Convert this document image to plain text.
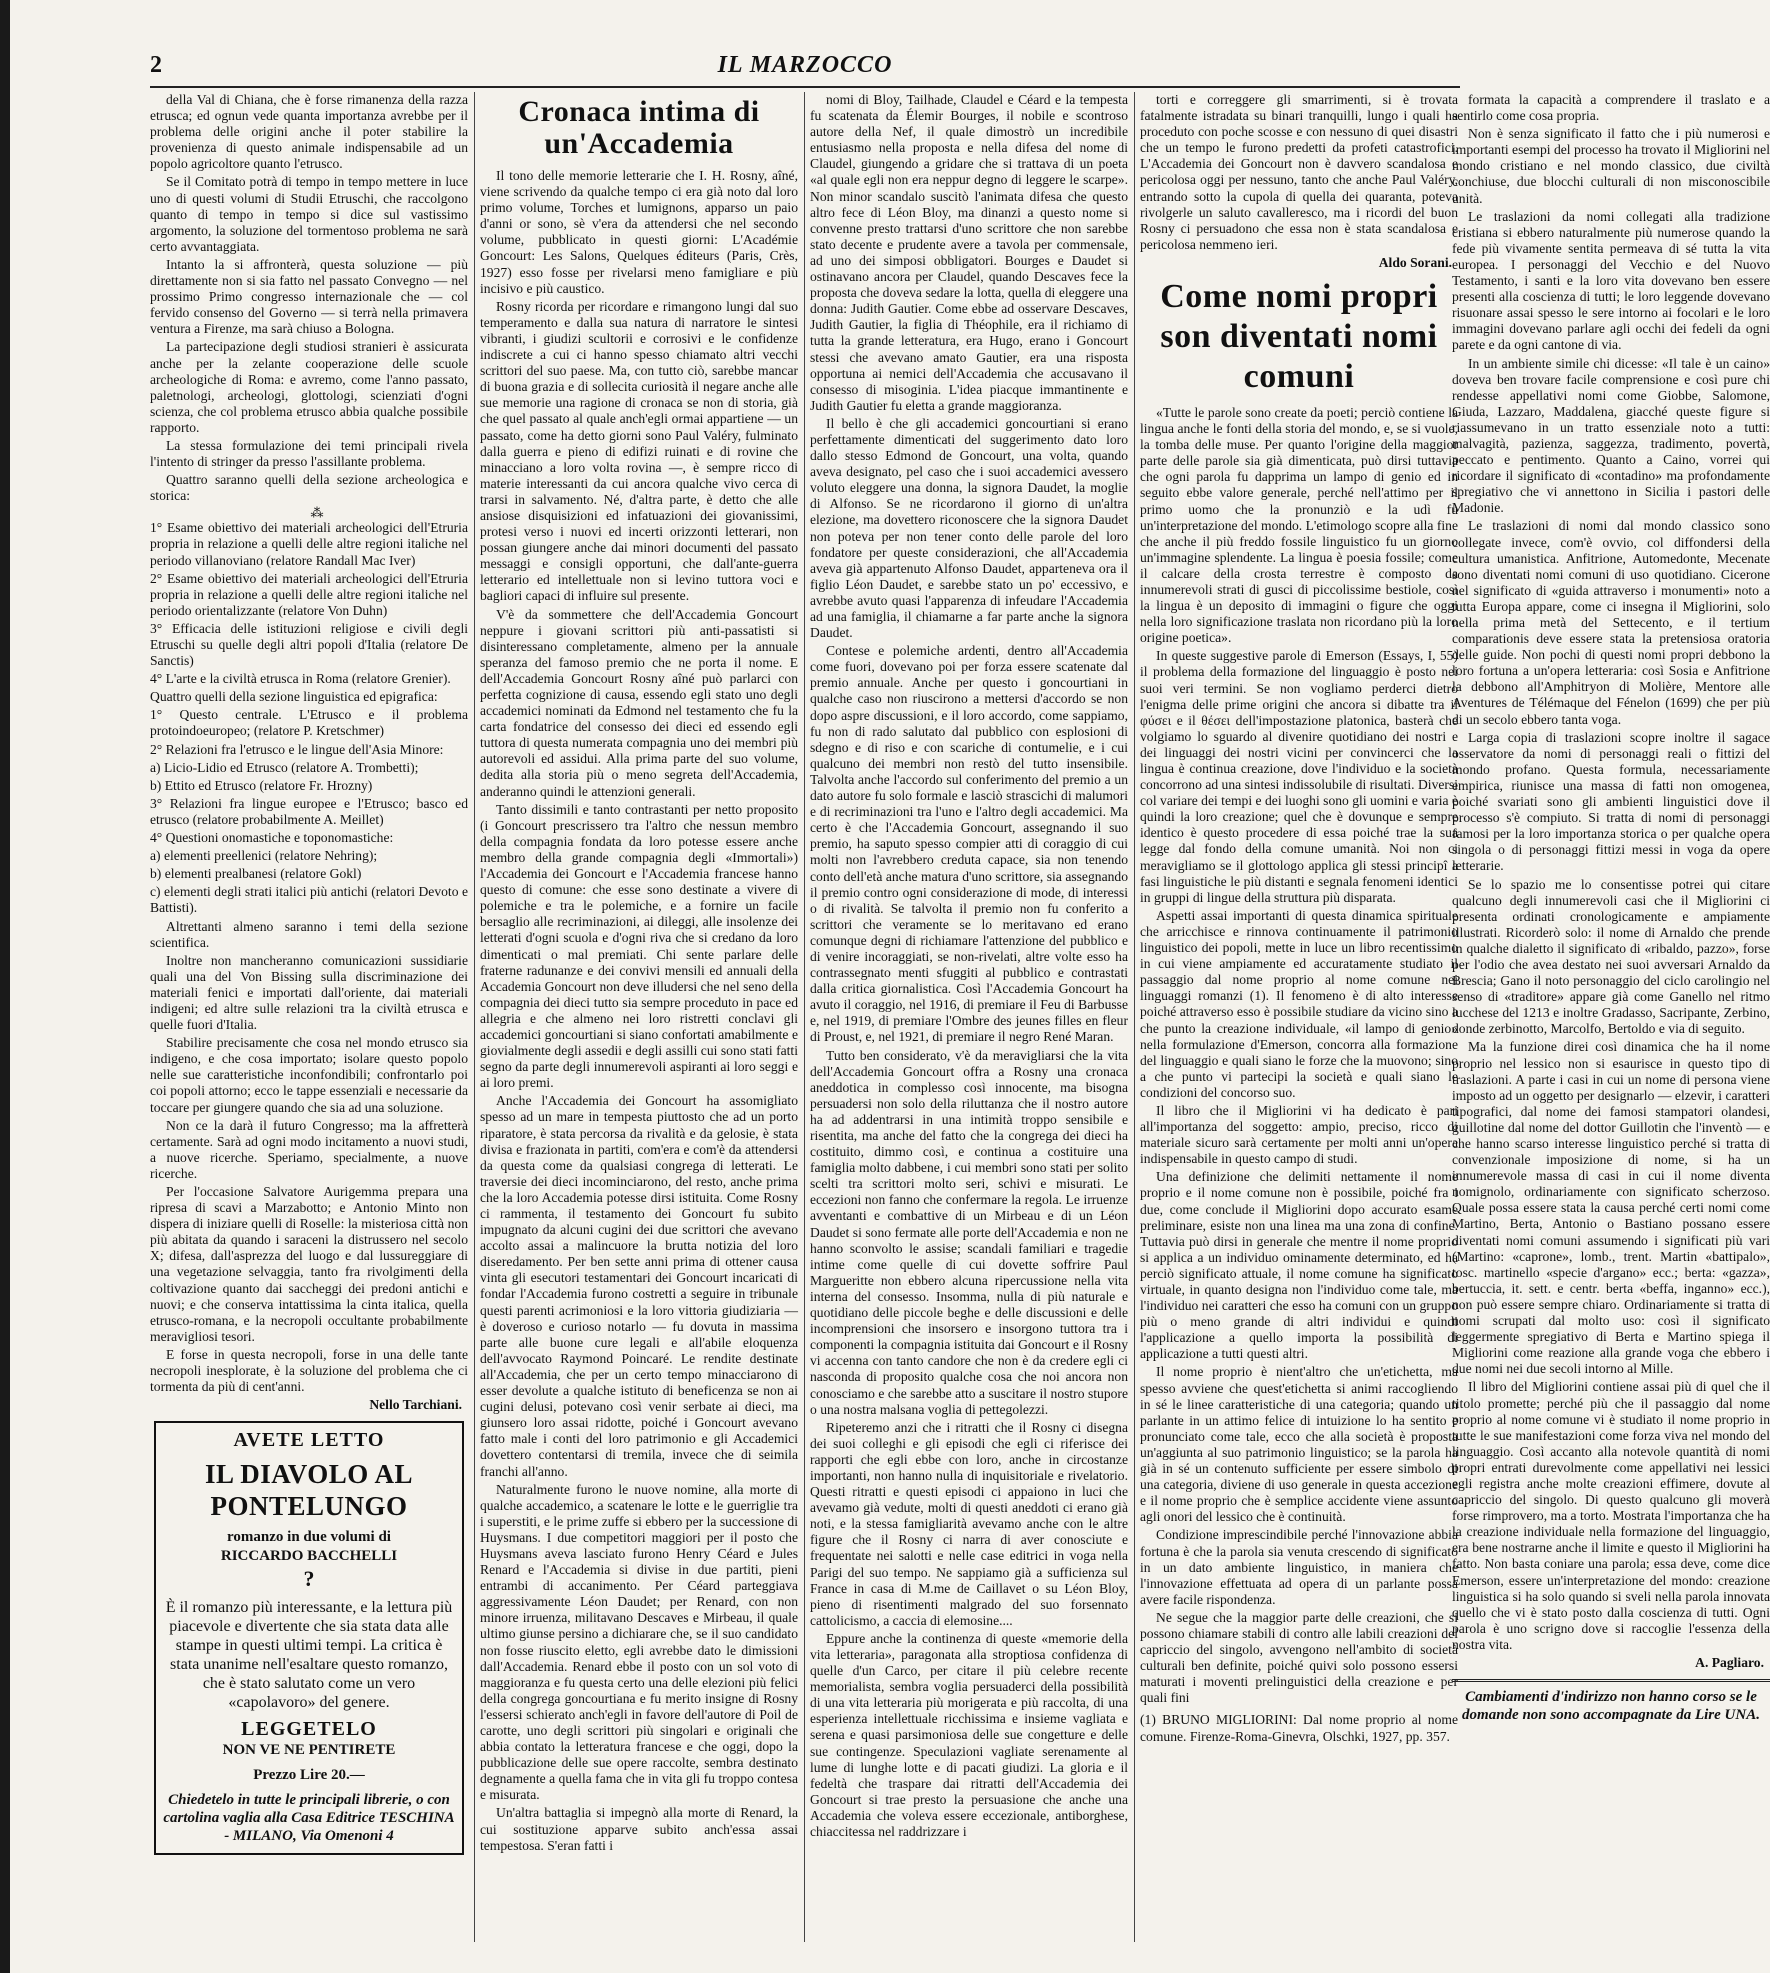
2	IL MARZOCCO

della Val di Chiana, che è forse rimanenza della razza etrusca; ed ognun vede quanta importanza avrebbe per il problema delle origini anche il poter stabilire la provenienza di questo animale indispensabile ad un popolo agricoltore quanto l'etrusco.

Se il Comitato potrà di tempo in tempo mettere in luce uno di questi volumi di Studii Etruschi, che raccolgono quanto di tempo in tempo si dice sul vastissimo argomento, la soluzione del tormentoso problema ne sarà certo avvantaggiata.

Intanto la si affronterà, questa soluzione — più direttamente non si sia fatto nel passato Convegno — nel prossimo Primo congresso internazionale che — col fervido consenso del Governo — si terrà nella primavera ventura a Firenze, ma sarà chiuso a Bologna.

La partecipazione degli studiosi stranieri è assicurata anche per la zelante cooperazione delle scuole archeologiche di Roma: e avremo, come l'anno passato, paletnologi, archeologi, glottologi, scienziati d'ogni scienza, che col problema etrusco abbia qualche possibile rapporto.

La stessa formulazione dei temi principali rivela l'intento di stringer da presso l'assillante problema.

Quattro saranno quelli della sezione archeologica e storica:

⁂

1° Esame obiettivo dei materiali archeologici dell'Etruria propria in relazione a quelli delle altre regioni italiche nel periodo villanoviano (relatore Randall Mac Iver)

2° Esame obiettivo dei materiali archeologici dell'Etruria propria in relazione a quelli delle altre regioni italiche nel periodo orientalizzante (relatore Von Duhn)

3° Efficacia delle istituzioni religiose e civili degli Etruschi su quelle degli altri popoli d'Italia (relatore De Sanctis)

4° L'arte e la civiltà etrusca in Roma (relatore Grenier).

Quattro quelli della sezione linguistica ed epigrafica:

1° Questo centrale. L'Etrusco e il problema protoindoeuropeo; (relatore P. Kretschmer)

2° Relazioni fra l'etrusco e le lingue dell'Asia Minore:

a) Licio-Lidio ed Etrusco (relatore A. Trombetti);

b) Ettito ed Etrusco (relatore Fr. Hrozny)

3° Relazioni fra lingue europee e l'Etrusco; basco ed etrusco (relatore probabilmente A. Meillet)

4° Questioni onomastiche e toponomastiche:

a) elementi preellenici (relatore Nehring);

b) elementi prealbanesi (relatore Gokl)

c) elementi degli strati italici più antichi (relatori Devoto e Battisti).

Altrettanti almeno saranno i temi della sezione scientifica.

Inoltre non mancheranno comunicazioni sussidiarie quali una del Von Bissing sulla discriminazione dei materiali fenici e importati dall'oriente, dai materiali indigeni; ed altre sulle relazioni tra la civiltà etrusca e quelle fuori d'Italia.

Stabilire precisamente che cosa nel mondo etrusco sia indigeno, e che cosa importato; isolare questo popolo nelle sue caratteristiche inconfondibili; confrontarlo poi coi popoli attorno; ecco le tappe essenziali e necessarie da toccare per giungere quando che sia ad una soluzione.

Non ce la darà il futuro Congresso; ma la affretterà certamente. Sarà ad ogni modo incitamento a nuovi studi, a nuove ricerche. Speriamo, specialmente, a nuove ricerche.

Per l'occasione Salvatore Aurigemma prepara una ripresa di scavi a Marzabotto; e Antonio Minto non dispera di iniziare quelli di Roselle: la misteriosa città non più abitata da quando i saraceni la distrussero nel secolo X; difesa, dall'asprezza del luogo e dal lussureggiare di una vegetazione selvaggia, tanto fra rivolgimenti della coltivazione quanto dai saccheggi dei predoni antichi e nuovi; e che conserva intattissima la cinta italica, quella etrusco-romana, e la necropoli occultante probabilmente meravigliosi tesori.

E forse in questa necropoli, forse in una delle tante necropoli inesplorate, è la soluzione del problema che ci tormenta da più di cent'anni.

Nello Tarchiani.
AVETE LETTO
IL DIAVOLO AL PONTELUNGO
romanzo in due volumi di
RICCARDO BACCHELLI
?
È il romanzo più interessante, e la lettura più piacevole e divertente che sia stata data alle stampe in questi ultimi tempi. La critica è stata unanime nell'esaltare questo romanzo, che è stato salutato come un vero «capolavoro» del genere.
LEGGETELO
NON VE NE PENTIRETE
Prezzo Lire 20.—
Chiedetelo in tutte le principali librerie, o con cartolina vaglia alla Casa Editrice TESCHINA - MILANO, Via Omenoni 4
Cronaca intima di un'Accademia

Il tono delle memorie letterarie che I. H. Rosny, aîné, viene scrivendo da qualche tempo ci era già noto dal loro primo volume, Torches et lumignons, apparso un paio d'anni or sono, sè v'era da attendersi che nel secondo volume, pubblicato in questi giorni: L'Académie Goncourt: Les Salons, Quelques éditeurs (Paris, Crès, 1927) esso fosse per rivelarsi meno famigliare e più incisivo e più caustico.

Rosny ricorda per ricordare e rimangono lungi dal suo temperamento e dalla sua natura di narratore le sintesi vibranti, i giudizi scultorii e corrosivi e le confidenze indiscrete a cui ci hanno spesso chiamato altri vecchi scrittori del suo paese. Ma, con tutto ciò, sarebbe mancar di buona grazia e di sollecita curiosità il negare anche alle sue memorie una ragione di cronaca se non di storia, già che quel passato al quale anch'egli ormai appartiene — un passato, come ha detto giorni sono Paul Valéry, fulminato dalla guerra e pieno di edifizi ruinati e di rovine che minacciano a loro volta rovina —, è sempre ricco di materie interessanti da cui ancora qualche vivo cerca di trarsi in salvamento. Né, d'altra parte, è detto che alle ansiose disquisizioni ed infatuazioni dei giovanissimi, protesi verso i nuovi ed incerti orizzonti letterari, non possan giungere anche dai minori documenti del passato messaggi e consigli opportuni, che dall'ante-guerra letterario ed intellettuale non si levino tuttora voci e bagliori capaci di influire sul presente.

V'è da sommettere che dell'Accademia Goncourt neppure i giovani scrittori più anti-passatisti si disinteressano completamente, almeno per la annuale speranza del famoso premio che ne porta il nome. E dell'Accademia Goncourt Rosny aîné può parlarci con perfetta cognizione di causa, essendo egli stato uno degli accademici nominati da Edmond nel testamento che fu la carta fondatrice del consesso dei dieci ed essendo egli tuttora di questa numerata compagnia uno dei membri più autorevoli ed assidui. Alla prima parte del suo volume, dedita alla storia più o meno segreta dell'Accademia, anderanno quindi le attenzioni generali.

Tanto dissimili e tanto contrastanti per netto proposito (i Goncourt prescrissero tra l'altro che nessun membro della compagnia fondata da loro potesse essere anche membro della grande compagnia degli «Immortali») l'Accademia dei Goncourt e l'Accademia francese hanno questo di comune: che esse sono destinate a vivere di polemiche e tra le polemiche, e a fornire un facile bersaglio alle recriminazioni, ai dileggi, alle insolenze dei letterati d'ogni scuola e d'ogni riva che si credano da loro dimenticati o mal premiati. Chi sente parlare delle fraterne radunanze e dei convivi mensili ed annuali della Accademia Goncourt non deve illudersi che nel seno della compagnia dei dieci tutto sia sempre proceduto in pace ed allegria e che almeno nei loro ristretti conclavi gli accademici goncourtiani si siano confortati amabilmente e giovialmente degli assedii e degli assilli cui sono stati fatti segno da parte degli innumerevoli aspiranti ai loro seggi e ai loro premi.

Anche l'Accademia dei Goncourt ha assomigliato spesso ad un mare in tempesta piuttosto che ad un porto riparatore, è stata percorsa da rivalità e da gelosie, è stata divisa e frazionata in partiti, com'era e com'è da attendersi da questa come da qualsiasi congrega di letterati. Le traversie dei dieci incominciarono, del resto, anche prima che la loro Accademia potesse dirsi istituita. Come Rosny ci rammenta, il testamento dei Goncourt fu subito impugnato da alcuni cugini dei due scrittori che avevano accolto assai a malincuore la brutta notizia del loro diseredamento. Per ben sette anni prima di ottener causa vinta gli esecutori testamentari dei Goncourt incaricati di fondar l'Accademia furono costretti a seguire in tribunale questi parenti acrimoniosi e la loro vittoria giudiziaria — è doveroso e curioso notarlo — fu dovuta in massima parte alle buone cure legali e all'abile eloquenza dell'avvocato Raymond Poincaré. Le rendite destinate all'Accademia, che per un certo tempo minacciarono di esser devolute a qualche istituto di beneficenza se non ai cugini delusi, potevano così venir serbate ai dieci, ma giunsero loro assai ridotte, poiché i Goncourt avevano fatto male i conti del loro patrimonio e gli Accademici dovettero contentarsi di tremila, invece che di seimila franchi all'anno.

Naturalmente furono le nuove nomine, alla morte di qualche accademico, a scatenare le lotte e le guerriglie tra i superstiti, e le prime zuffe si ebbero per la successione di Huysmans. I due competitori maggiori per il posto che Huysmans aveva lasciato furono Henry Céard e Jules Renard e l'Accademia si divise in due partiti, pieni entrambi di accanimento. Per Céard parteggiava aggressivamente Léon Daudet; per Renard, con non minore irruenza, militavano Descaves e Mirbeau, il quale ultimo giunse persino a dichiarare che, se il suo candidato non fosse riuscito eletto, egli avrebbe dato le dimissioni dall'Accademia. Renard ebbe il posto con un sol voto di maggioranza e fu questa certo una delle elezioni più felici della congrega goncourtiana e fu merito insigne di Rosny l'essersi schierato anch'egli in favore dell'autore di Poil de carotte, uno degli scrittori più singolari e originali che abbia contato la letteratura francese e che oggi, dopo la pubblicazione delle sue opere raccolte, sembra destinato degnamente a quella fama che in vita gli fu troppo contesa e misurata.

Un'altra battaglia si impegnò alla morte di Renard, la cui sostituzione apparve subito anch'essa assai tempestosa. S'eran fatti i

nomi di Bloy, Tailhade, Claudel e Céard e la tempesta fu scatenata da Élemir Bourges, il nobile e scontroso autore della Nef, il quale dimostrò un incredibile entusiasmo nella proposta e nella difesa del nome di Claudel, giungendo a gridare che si trattava di un poeta «al quale egli non era neppur degno di leggere le scarpe». Non minor scandalo suscitò l'animata difesa che questo altro fece di Léon Bloy, ma dinanzi a questo nome si convenne presto trattarsi d'uno scrittore che non sarebbe stato decente e prudente avere a tavola per commensale, ad uno dei simposi obbligatori. Bourges e Daudet si ostinavano ancora per Claudel, quando Descaves fece la proposta che doveva sedare la lotta, quella di eleggere una donna: Judith Gautier. Come ebbe ad osservare Descaves, Judith Gautier, la figlia di Théophile, era il richiamo di tutta la grande letteratura, era Hugo, erano i Goncourt stessi che avevano amato Gautier, era una risposta opportuna ai nemici dell'Accademia che accusavano il consesso di misoginia. L'idea piacque immantinente e Judith Gautier fu eletta a grande maggioranza.

Il bello è che gli accademici goncourtiani si erano perfettamente dimenticati del suggerimento dato loro dallo stesso Edmond de Goncourt, una volta, quando aveva designato, pel caso che i suoi accademici avessero voluto eleggere una donna, la signora Daudet, la moglie di Alfonso. Se ne ricordarono il giorno di un'altra elezione, ma dovettero riconoscere che la signora Daudet non poteva per non tener conto delle parole del loro fondatore per queste considerazioni, che all'Accademia aveva già appartenuto Alfonso Daudet, apparteneva ora il figlio Léon Daudet, e sarebbe stato un po' eccessivo, e avrebbe avuto quasi l'apparenza di infeudare l'Accademia ad una famiglia, il chiamarne a far parte anche la signora Daudet.

Contese e polemiche ardenti, dentro all'Accademia come fuori, dovevano poi per forza essere scatenate dal premio annuale. Anche per questo i goncourtiani in qualche caso non riuscirono a mettersi d'accordo se non dopo aspre discussioni, e il loro accordo, come sappiamo, fu non di rado salutato dal pubblico con esplosioni di sdegno e di riso e con scariche di contumelie, e i cui qualcuno dei membri non restò del tutto insensibile. Talvolta anche l'accordo sul conferimento del premio a un dato autore fu solo formale e lasciò strascichi di malumori e di recriminazioni tra l'uno e l'altro degli accademici. Ma certo è che l'Accademia Goncourt, assegnando il suo premio, ha saputo spesso compier atti di coraggio di cui molti non l'avrebbero creduta capace, sia non tenendo conto dell'età anche matura d'uno scrittore, sia assegnando il premio contro ogni considerazione di mode, di interessi o di rivalità. Se talvolta il premio non fu conferito a scrittori che veramente se lo meritavano ed erano comunque degni di richiamare l'attenzione del pubblico e di venire incoraggiati, se non-rivelati, altre volte esso ha contrassegnato menti sfuggiti al pubblico e contrastati dalla critica giornalistica. Così l'Accademia Goncourt ha avuto il coraggio, nel 1916, di premiare il Feu di Barbusse e, nel 1919, di premiare l'Ombre des jeunes filles en fleur di Proust, e, nel 1921, di premiare il negro René Maran.

Tutto ben considerato, v'è da meravigliarsi che la vita dell'Accademia Goncourt offra a Rosny una cronaca aneddotica in complesso così innocente, ma bisogna persuadersi non solo della riluttanza che il nostro autore ha ad addentrarsi in una intimità troppo sensibile e risentita, ma anche del fatto che la congrega dei dieci ha costituito, dimmo così, e continua a costituire una famiglia molto dabbene, i cui membri sono stati per solito scelti tra scrittori molto seri, schivi e misurati. Le eccezioni non fanno che confermare la regola. Le irruenze avventanti e combattive di un Mirbeau e di un Léon Daudet si sono fermate alle porte dell'Accademia e non ne hanno sconvolto le assise; scandali familiari e tragedie intime come quelle di cui dovette soffrire Paul Margueritte non ebbero alcuna ripercussione nella vita interna del consesso. Insomma, nulla di più naturale e quotidiano delle piccole beghe e delle discussioni e delle incomprensioni che insorsero e insorgono tuttora tra i componenti la compagnia istituita dai Goncourt e il Rosny vi accenna con tanto candore che non è da credere egli ci nasconda di proposito qualche cosa che noi ancora non conosciamo e che sarebbe atto a suscitare il nostro stupore o una nostra malsana voglia di pettegolezzi.

Ripeteremo anzi che i ritratti che il Rosny ci disegna dei suoi colleghi e gli episodi che egli ci riferisce dei rapporti che egli ebbe con loro, anche in circostanze importanti, non hanno nulla di inquisitoriale e rivelatorio. Questi ritratti e questi episodi ci appaiono in luci che avevamo già vedute, molti di questi aneddoti ci erano già noti, e la stessa famigliarità avevamo anche con le altre figure che il Rosny ci narra di aver conosciute e frequentate nei salotti e nelle case editrici in voga nella Parigi del suo tempo. Ne sappiamo già a sufficienza sul France in casa di M.me de Caillavet o su Léon Bloy, pieno di risentimenti malgrado del suo forsennato cattolicismo, a caccia di elemosine....

Eppure anche la continenza di queste «memorie della vita letteraria», paragonata alla stroptiosa confidenza di quelle d'un Carco, per citare il più celebre recente memorialista, sembra voglia persuaderci della possibilità di una vita letteraria più morigerata e più raccolta, di una esperienza intellettuale ricchissima e insieme vagliata e serena e quasi parsimoniosa delle sue congetture e delle sue contingenze. Speculazioni vagliate serenamente al lume di lunghe lotte e di pacati giudizi. La gloria e il fedeltà che traspare dai ritratti dell'Accademia dei Goncourt si trae presto la persuasione che anche una Accademia che voleva essere eccezionale, antiborghese, chiaccitessa nel raddrizzare i

torti e correggere gli smarrimenti, si è trovata fatalmente istradata su binari tranquilli, lungo i quali ha proceduto con poche scosse e con nessuno di quei disastri che un tempo le furono predetti da profeti catastrofici. L'Accademia dei Goncourt non è davvero scandalosa e pericolosa oggi per nessuno, tanto che anche Paul Valéry, entrando sotto la cupola di quella dei quaranta, poteva rivolgerle un saluto cavalleresco, ma i ricordi del buon Rosny ci persuadono che essa non è stata scandalosa e pericolosa nemmeno ieri.

Aldo Sorani.
Come nomi propri son diventati nomi comuni

«Tutte le parole sono create da poeti; perciò contiene la lingua anche le fonti della storia del mondo, e, se si vuole, la tomba delle muse. Per quanto l'origine della maggior parte delle parole sia già dimenticata, può dirsi tuttavia che ogni parola fu dapprima un lampo di genio ed in seguito ebbe valore generale, perché nell'attimo per il primo uomo che la pronunziò e la udì fu un'interpretazione del mondo. L'etimologo scopre alla fine che anche il più freddo fossile linguistico fu un giorno un'immagine splendente. La lingua è poesia fossile; come il calcare della crosta terrestre è composto da innumerevoli strati di gusci di piccolissime bestiole, così la lingua è un deposito di immagini o figure che oggi nella loro significazione traslata non ricordano più la loro origine poetica».

In queste suggestive parole di Emerson (Essays, I, 55) il problema della formazione del linguaggio è posto nei suoi veri termini. Se non vogliamo perderci dietro l'enigma delle prime origini che ancora si dibatte tra il φύσει e il θέσει dell'impostazione platonica, basterà che volgiamo lo sguardo al divenire quotidiano dei nostri e dei linguaggi dei nostri vicini per convincerci che la lingua è continua creazione, dove l'individuo e la società concorrono ad una sintesi indissolubile di risultati. Diversi col variare dei tempi e dei luoghi sono gli uomini e varia è quindi la loro creazione; quel che è dovunque e sempre identico è questo procedere di essa poiché trae la sua legge dal fondo della comune umanità. Noi non ci meravigliamo se il glottologo applica gli stessi principî a fasi linguistiche le più distanti e segnala fenomeni identici in gruppi di lingue della struttura più disparata.

Aspetti assai importanti di questa dinamica spirituale che arricchisce e rinnova continuamente il patrimonio linguistico dei popoli, mette in luce un libro recentissimo in cui viene ampiamente ed accuratamente studiato il passaggio dal nome proprio al nome comune nei linguaggi romanzi (1). Il fenomeno è di alto interesse poiché attraverso esso è possibile studiare da vicino sino a che punto la creazione individuale, «il lampo di genio» nella formulazione d'Emerson, concorra alla formazione del linguaggio e quali siano le forze che la muovono; sino a che punto vi partecipi la società e quali siano le condizioni del concorso suo.

Il libro che il Migliorini vi ha dedicato è pari all'importanza del soggetto: ampio, preciso, ricco di materiale sicuro sarà certamente per molti anni un'opera indispensabile in questo campo di studi.

Una definizione che delimiti nettamente il nome proprio e il nome comune non è possibile, poiché fra i due, come conclude il Migliorini dopo accurato esame preliminare, esiste non una linea ma una zona di confine. Tuttavia può dirsi in generale che mentre il nome proprio si applica a un individuo ominamente determinato, ed ha perciò significato attuale, il nome comune ha significato virtuale, in quanto designa non l'individuo come tale, ma l'individuo nei caratteri che esso ha comuni con un gruppo più o meno grande di altri individui e quindi l'applicazione a quello importa la possibilità di applicazione a tutti questi altri.

Il nome proprio è nient'altro che un'etichetta, ma spesso avviene che quest'etichetta si animi raccogliendo in sé le linee caratteristiche di una categoria; quando un parlante in un attimo felice di intuizione lo ha sentito e pronunciato come tale, ecco che alla società è proposta un'aggiunta al suo patrimonio linguistico; se la parola ha già in sé un contenuto sufficiente per essere simbolo di una categoria, diviene di uso generale in questa accezione e il nome proprio che è semplice accidente viene assunto agli onori del lessico che è continuità.

Condizione imprescindibile perché l'innovazione abbia fortuna è che la parola sia venuta crescendo di significato in un dato ambiente linguistico, in maniera che l'innovazione effettuata ad opera di un parlante possa avere facile rispondenza.

Ne segue che la maggior parte delle creazioni, che si possono chiamare stabili di contro alle labili creazioni del capriccio del singolo, avvengono nell'ambito di società culturali ben definite, poiché quivi solo possono essersi maturati i moventi prelinguistici della creazione e per quali fini

(1) BRUNO MIGLIORINI: Dal nome proprio al nome comune. Firenze-Roma-Ginevra, Olschki, 1927, pp. 357.

formata la capacità a comprendere il traslato e a sentirlo come cosa propria.

Non è senza significato il fatto che i più numerosi e importanti esempi del processo ha trovato il Migliorini nel mondo cristiano e nel mondo classico, due civiltà conchiuse, due blocchi culturali di non misconoscibile unità.

Le traslazioni da nomi collegati alla tradizione cristiana si ebbero naturalmente più numerose quando la fede più vivamente sentita permeava di sé tutta la vita europea. I personaggi del Vecchio e del Nuovo Testamento, i santi e la loro vita dovevano ben essere presenti alla coscienza di tutti; le loro leggende dovevano risuonare assai spesso le sere intorno ai focolari e le loro immagini dovevano parlare agli occhi dei fedeli da ogni parete e da ogni cantone di via.

In un ambiente simile chi dicesse: «Il tale è un caino» doveva ben trovare facile comprensione e così pure chi rendesse appellativi nomi come Giobbe, Salomone, Giuda, Lazzaro, Maddalena, giacché queste figure si riassumevano in un tratto essenziale noto a tutti: malvagità, pazienza, saggezza, tradimento, povertà, peccato e pentimento. Quanto a Caino, vorrei qui ricordare il significato di «contadino» ma profondamente spregiativo che vi annettono in Sicilia i pastori delle Madonie.

Le traslazioni di nomi dal mondo classico sono collegate invece, com'è ovvio, col diffondersi della cultura umanistica. Anfitrione, Automedonte, Mecenate sono diventati nomi comuni di uso quotidiano. Cicerone nel significato di «guida attraverso i monumenti» noto a tutta Europa appare, come ci insegna il Migliorini, solo nella prima metà del Settecento, e il tertium comparationis deve essere stata la pretensiosa oratoria delle guide. Non pochi di questi nomi propri debbono la loro fortuna a un'opera letteraria: così Sosia e Anfitrione la debbono all'Amphitryon di Molière, Mentore alle Aventures de Télémaque del Fénelon (1699) che per più di un secolo ebbero tanta voga.

Larga copia di traslazioni scopre inoltre il sagace osservatore da nomi di personaggi reali o fittizi del mondo profano. Questa formula, necessariamente empirica, riunisce una massa di fatti non omogenea, poiché svariati sono gli ambienti linguistici dove il processo s'è compiuto. Si tratta di nomi di personaggi famosi per la loro importanza storica o per qualche opera singola o di personaggi fittizi messi in voga da opere letterarie.

Se lo spazio me lo consentisse potrei qui citare qualcuno degli innumerevoli casi che il Migliorini ci presenta ordinati cronologicamente e ampiamente illustrati. Ricorderò solo: il nome di Arnaldo che prende in qualche dialetto il significato di «ribaldo, pazzo», forse per l'odio che avea destato nei suoi avversari Arnaldo da Brescia; Gano il noto personaggio del ciclo carolingio nel senso di «traditore» appare già come Ganello nel ritmo lucchese del 1213 e inoltre Gradasso, Sacripante, Zerbino, donde zerbinotto, Marcolfo, Bertoldo e via di seguito.

Ma la funzione direi così dinamica che ha il nome proprio nel lessico non si esaurisce in questo tipo di traslazioni. A parte i casi in cui un nome di persona viene imposto ad un oggetto per designarlo — elzevir, i caratteri tipografici, dal nome dei famosi stampatori olandesi, guillotine dal nome del dottor Guillotin che l'inventò — e che hanno scarso interesse linguistico perché si tratta di convenzionale imposizione di nome, si ha un innumerevole massa di casi in cui il nome diventa nomignolo, ordinariamente con significato scherzoso. Quale possa essere stata la causa perché certi nomi come Martino, Berta, Antonio o Bastiano possano essere diventati nomi comuni assumendo i significati più vari (Martino: «caprone», lomb., trent. Martin «battipalo», tosc. martinello «specie d'argano» ecc.; berta: «gazza», bertuccia, it. sett. e centr. berta «beffa, inganno» ecc.), non può essere sempre chiaro. Ordinariamente si tratta di nomi scrupati dal molto uso: così il significato leggermente spregiativo di Berta e Martino spiega il Migliorini come reazione alla grande voga che ebbero i due nomi nei due secoli intorno al Mille.

Il libro del Migliorini contiene assai più di quel che il titolo promette; perché più che il passaggio dal nome proprio al nome comune vi è studiato il nome proprio in tutte le sue manifestazioni come forza viva nel mondo del linguaggio. Così accanto alla notevole quantità di nomi propri entrati durevolmente come appellativi nei lessici egli registra anche molte creazioni effimere, dovute al capriccio del singolo. Di questo qualcuno gli moverà forse rimprovero, ma a torto. Mostrata l'importanza che ha la creazione individuale nella formazione del linguaggio, era bene nostrarne anche il limite e questo il Migliorini ha fatto. Non basta coniare una parola; essa deve, come dice Emerson, essere un'interpretazione del mondo: creazione linguistica si ha solo quando si sveli nella parola innovata quello che vi è stato posto dalla coscienza di tutti. Ogni parola è uno scrigno dove si raccoglie l'essenza della nostra vita.

A. Pagliaro.
Cambiamenti d'indirizzo non hanno corso se le domande non sono accompagnate da Lire UNA.
